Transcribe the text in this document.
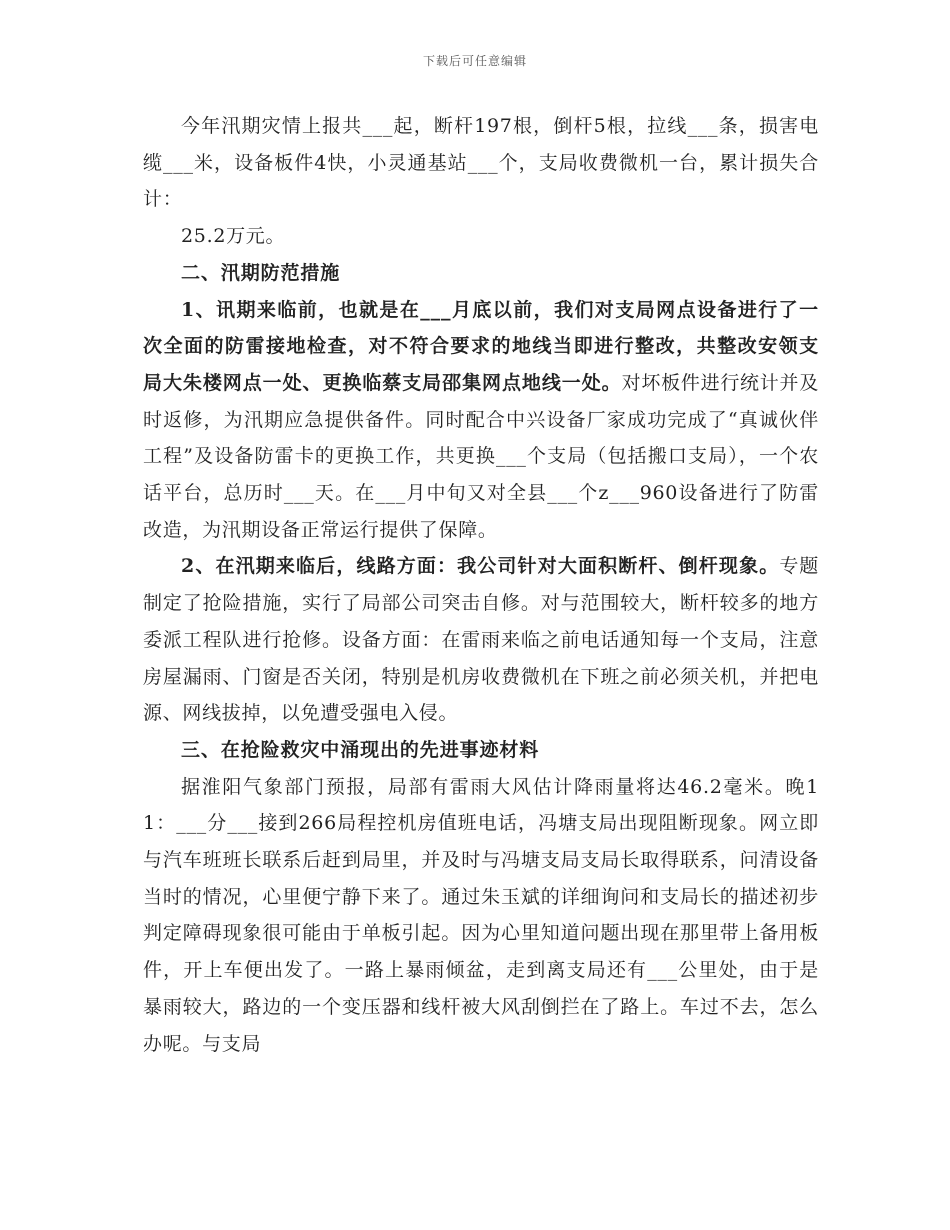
下载后可任意编辑

今年汛期灾情上报共___起，断杆197根，倒杆5根，拉线___条，损害电缆___米，设备板件4快，小灵通基站___个，支局收费微机一台，累计损失合计：

25.2万元。

二、汛期防范措施

1、讯期来临前，也就是在___月底以前，我们对支局网点设备进行了一次全面的防雷接地检查，对不符合要求的地线当即进行整改，共整改安领支局大朱楼网点一处、更换临蔡支局邵集网点地线一处。对坏板件进行统计并及时返修，为汛期应急提供备件。同时配合中兴设备厂家成功完成了“真诚伙伴工程”及设备防雷卡的更换工作，共更换___个支局（包括搬口支局），一个农话平台，总历时___天。在___月中旬又对全县___个z___960设备进行了防雷改造，为汛期设备正常运行提供了保障。

2、在汛期来临后，线路方面：我公司针对大面积断杆、倒杆现象。专题制定了抢险措施，实行了局部公司突击自修。对与范围较大，断杆较多的地方委派工程队进行抢修。设备方面：在雷雨来临之前电话通知每一个支局，注意房屋漏雨、门窗是否关闭，特别是机房收费微机在下班之前必须关机，并把电源、网线拔掉，以免遭受强电入侵。

三、在抢险救灾中涌现出的先进事迹材料

据淮阳气象部门预报，局部有雷雨大风估计降雨量将达46.2毫米。晚11：___分___接到266局程控机房值班电话，冯塘支局出现阻断现象。网立即与汽车班班长联系后赶到局里，并及时与冯塘支局支局长取得联系，问清设备当时的情况，心里便宁静下来了。通过朱玉斌的详细询问和支局长的描述初步判定障碍现象很可能由于单板引起。因为心里知道问题出现在那里带上备用板件，开上车便出发了。一路上暴雨倾盆，走到离支局还有___公里处，由于是暴雨较大，路边的一个变压器和线杆被大风刮倒拦在了路上。车过不去，怎么办呢。与支局
